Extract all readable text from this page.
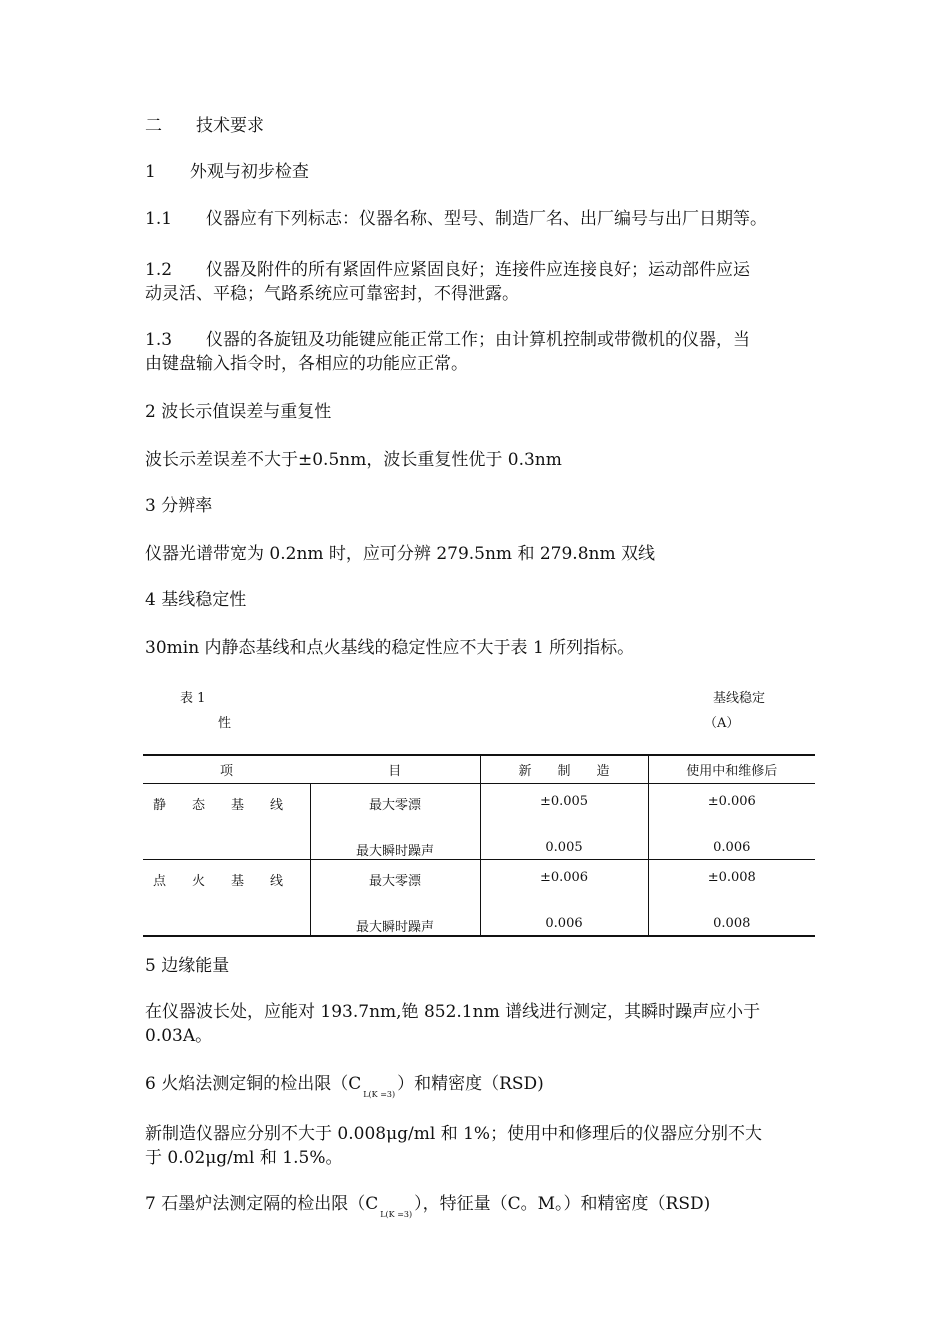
二　　技术要求
1　　外观与初步检查
1.1　　仪器应有下列标志：仪器名称、型号、制造厂名、出厂编号与出厂日期等。
1.2　　仪器及附件的所有紧固件应紧固良好；连接件应连接良好；运动部件应运
动灵活、平稳；气路系统应可靠密封，不得泄露。
1.3　　仪器的各旋钮及功能键应能正常工作；由计算机控制或带微机的仪器，当
由键盘输入指令时，各相应的功能应正常。
2 波长示值误差与重复性
波长示差误差不大于±0.5nm，波长重复性优于 0.3nm
3 分辨率
仪器光谱带宽为 0.2nm 时，应可分辨 279.5nm 和 279.8nm 双线
4 基线稳定性
30min 内静态基线和点火基线的稳定性应不大于表 1 所列指标。
表 1	基线稳定
性	（A）
项	目	新　　制　　造	使用中和维修后
静　　态　　基　　线	最大零漂	±0.005	±0.006
	最大瞬时躁声	0.005	0.006
点　　火　　基　　线	最大零漂	±0.006	±0.008
	最大瞬时躁声	0.006	0.008
5 边缘能量
在仪器波长处，应能对 193.7nm,铯 852.1nm 谱线进行测定，其瞬时躁声应小于
0.03A。
6 火焰法测定铜的检出限$(C_{L(K =3)})$和精密度（RSD)
新制造仪器应分别不大于 0.008μg/ml 和 1%；使用中和修理后的仪器应分别不大
于 0.02μg/ml 和 1.5%。
7 石墨炉法测定隔的检出限$(C_{L(K =3)})$，特征量（C。M。）和精密度（RSD)
